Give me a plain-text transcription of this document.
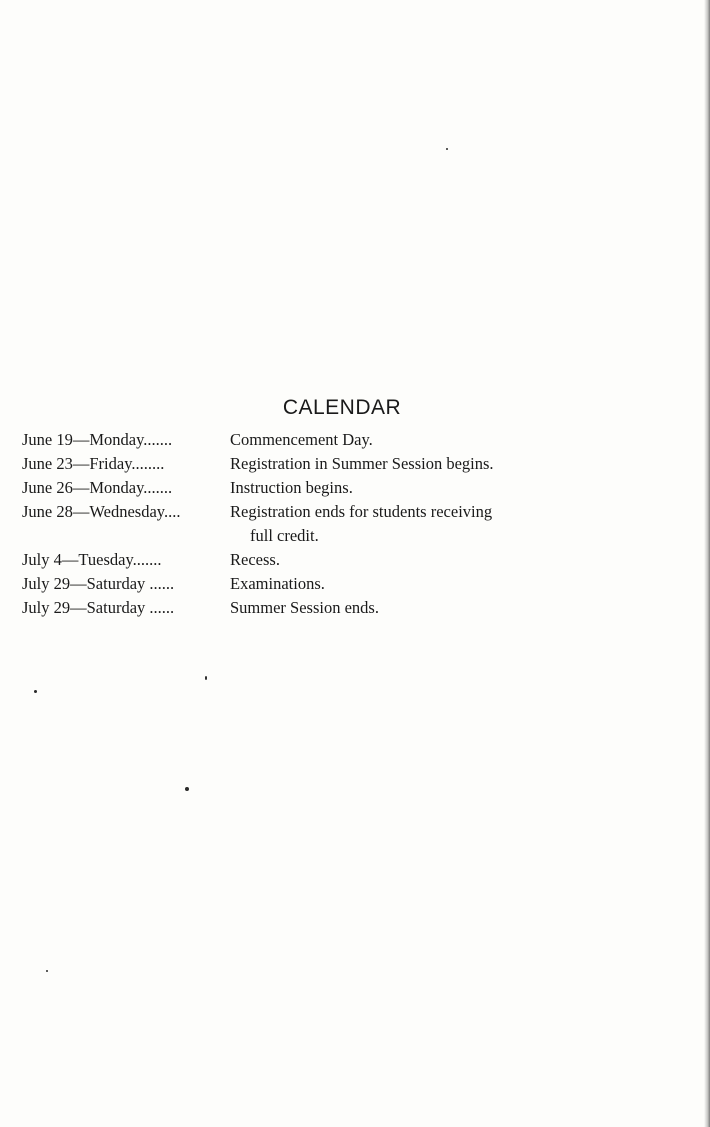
CALENDAR
June 19—Monday.......	Commencement Day.
June 23—Friday........	Registration in Summer Session begins.
June 26—Monday.......	Instruction begins.
June 28—Wednesday....	Registration ends for students receiving
full credit.
July 4—Tuesday.......	Recess.
July 29—Saturday ......	Examinations.
July 29—Saturday ......	Summer Session ends.
